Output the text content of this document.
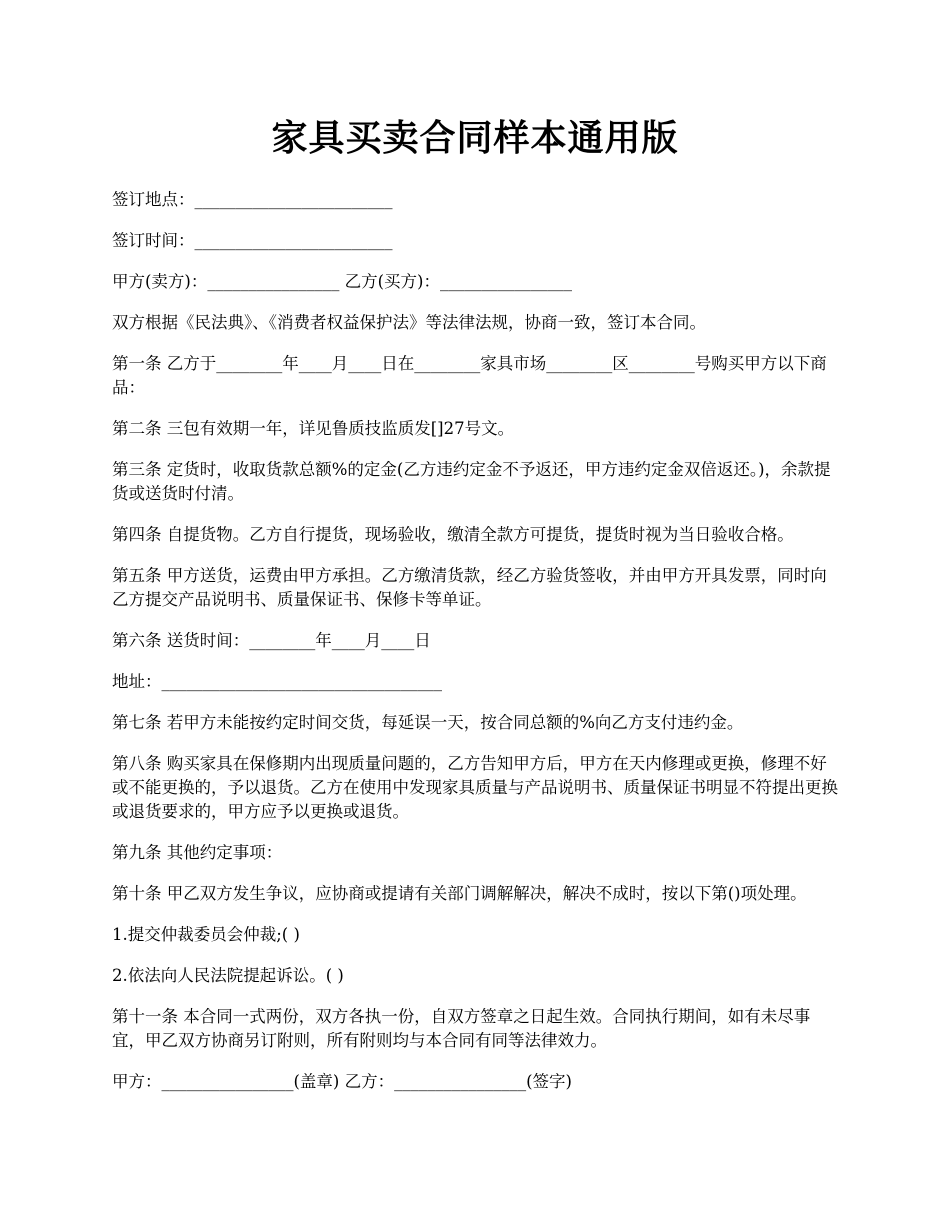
家具买卖合同样本通用版

签订地点：________________________

签订时间：________________________

甲方(卖方)：________________ 乙方(买方)：________________

双方根据《民法典》、《消费者权益保护法》等法律法规，协商一致，签订本合同。

第一条 乙方于________年____月____日在________家具市场________区________号购买甲方以下商品：

第二条 三包有效期一年，详见鲁质技监质发[]27号文。

第三条 定货时，收取货款总额%的定金(乙方违约定金不予返还，甲方违约定金双倍返还。)，余款提货或送货时付清。

第四条 自提货物。乙方自行提货，现场验收，缴清全款方可提货，提货时视为当日验收合格。

第五条 甲方送货，运费由甲方承担。乙方缴清货款，经乙方验货签收，并由甲方开具发票，同时向乙方提交产品说明书、质量保证书、保修卡等单证。

第六条 送货时间：________年____月____日

地址：__________________________________

第七条 若甲方未能按约定时间交货，每延误一天，按合同总额的%向乙方支付违约金。

第八条 购买家具在保修期内出现质量问题的，乙方告知甲方后，甲方在天内修理或更换，修理不好或不能更换的，予以退货。乙方在使用中发现家具质量与产品说明书、质量保证书明显不符提出更换或退货要求的，甲方应予以更换或退货。

第九条 其他约定事项：

第十条 甲乙双方发生争议，应协商或提请有关部门调解解决，解决不成时，按以下第()项处理。

1.提交仲裁委员会仲裁;( )

2.依法向人民法院提起诉讼。( )

第十一条 本合同一式两份，双方各执一份，自双方签章之日起生效。合同执行期间，如有未尽事宜，甲乙双方协商另订附则，所有附则均与本合同有同等法律效力。

甲方：________________(盖章) 乙方：________________(签字)
